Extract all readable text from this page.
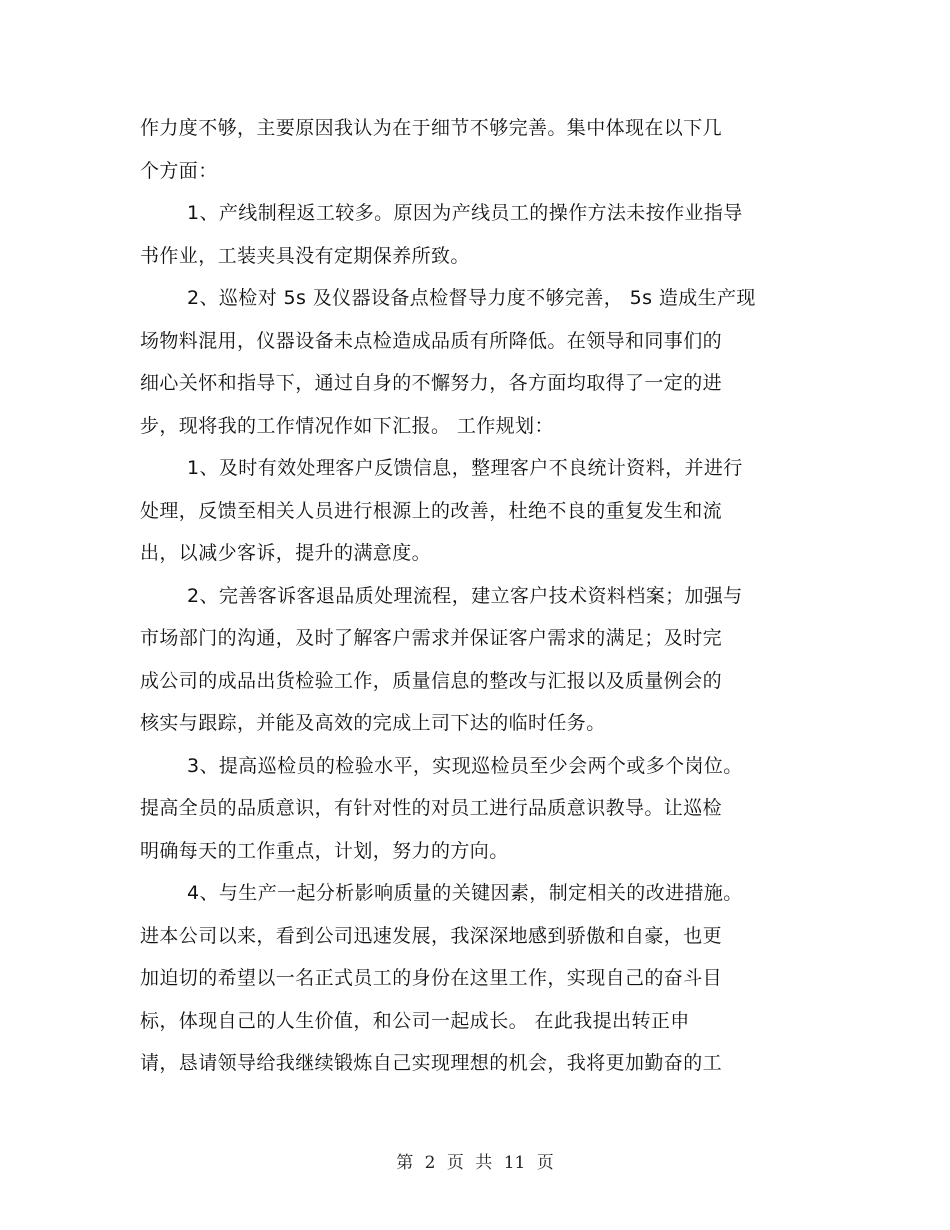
作力度不够，主要原因我认为在于细节不够完善。集中体现在以下几
个方面：
1、产线制程返工较多。原因为产线员工的操作方法未按作业指导
书作业，工装夹具没有定期保养所致。
2、巡检对 5s 及仪器设备点检督导力度不够完善， 5s 造成生产现
场物料混用，仪器设备未点检造成品质有所降低。在领导和同事们的
细心关怀和指导下，通过自身的不懈努力，各方面均取得了一定的进
步，现将我的工作情况作如下汇报。 工作规划：
1、及时有效处理客户反馈信息，整理客户不良统计资料，并进行
处理，反馈至相关人员进行根源上的改善，杜绝不良的重复发生和流
出，以减少客诉，提升的满意度。
2、完善客诉客退品质处理流程，建立客户技术资料档案；加强与
市场部门的沟通，及时了解客户需求并保证客户需求的满足；及时完
成公司的成品出货检验工作，质量信息的整改与汇报以及质量例会的
核实与跟踪，并能及高效的完成上司下达的临时任务。
3、提高巡检员的检验水平，实现巡检员至少会两个或多个岗位。
提高全员的品质意识，有针对性的对员工进行品质意识教导。让巡检
明确每天的工作重点，计划，努力的方向。
4、与生产一起分析影响质量的关键因素，制定相关的改进措施。
进本公司以来，看到公司迅速发展，我深深地感到骄傲和自豪，也更
加迫切的希望以一名正式员工的身份在这里工作，实现自己的奋斗目
标，体现自己的人生价值，和公司一起成长。 在此我提出转正申
请，恳请领导给我继续锻炼自己实现理想的机会，我将更加勤奋的工
第 2 页 共 11 页
